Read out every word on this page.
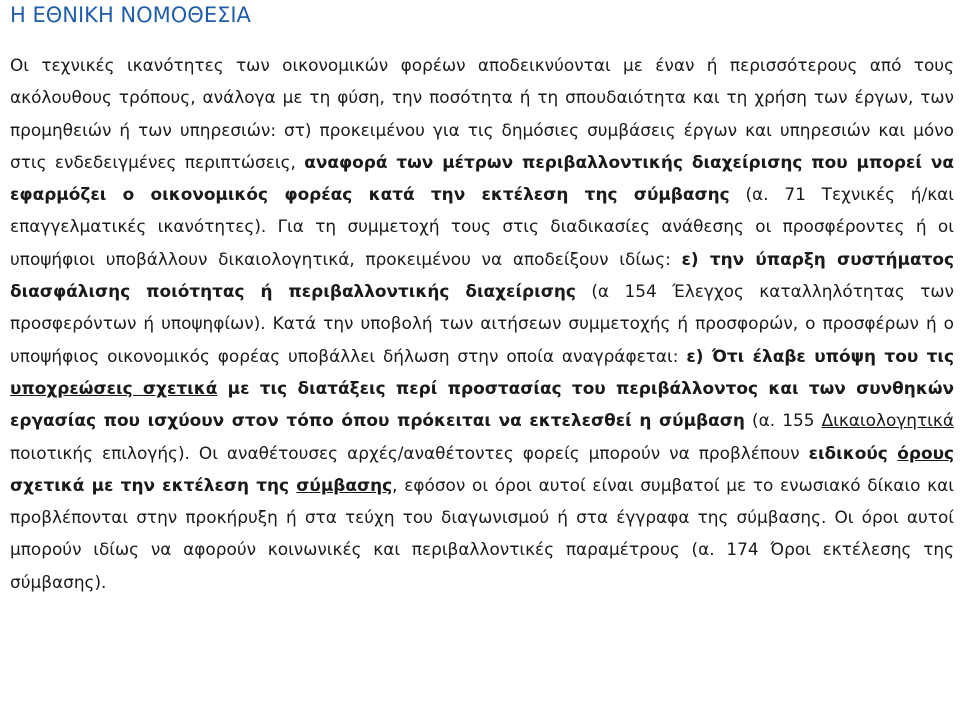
Η ΕΘΝΙΚΗ ΝΟΜΟΘΕΣΙΑ

Οι τεχνικές ικανότητες των οικονομικών φορέων αποδεικνύονται με έναν ή περισσότερους από τους ακόλουθους τρόπους, ανάλογα με τη φύση, την ποσότητα ή τη σπουδαιότητα και τη χρήση των έργων, των προμηθειών ή των υπηρεσιών: στ) προκειμένου για τις δημόσιες συμβάσεις έργων και υπηρεσιών και μόνο στις ενδεδειγμένες περιπτώσεις, αναφορά των μέτρων περιβαλλοντικής διαχείρισης που μπορεί να εφαρμόζει ο οικονομικός φορέας κατά την εκτέλεση της σύμβασης (α. 71 Τεχνικές ή/και επαγγελματικές ικανότητες). Για τη συμμετοχή τους στις διαδικασίες ανάθεσης οι προσφέροντες ή οι υποψήφιοι υποβάλλουν δικαιολογητικά, προκειμένου να αποδείξουν ιδίως: ε) την ύπαρξη συστήματος διασφάλισης ποιότητας ή περιβαλλοντικής διαχείρισης (α 154 Έλεγχος καταλληλότητας των προσφερόντων ή υποψηφίων). Κατά την υποβολή των αιτήσεων συμμετοχής ή προσφορών, ο προσφέρων ή ο υποψήφιος οικονομικός φορέας υποβάλλει δήλωση στην οποία αναγράφεται: ε) Ότι έλαβε υπόψη του τις υποχρεώσεις σχετικά με τις διατάξεις περί προστασίας του περιβάλλοντος και των συνθηκών εργασίας που ισχύουν στον τόπο όπου πρόκειται να εκτελεσθεί η σύμβαση (α. 155 Δικαιολογητικά ποιοτικής επιλογής). Οι αναθέτουσες αρχές/αναθέτοντες φορείς μπορούν να προβλέπουν ειδικούς όρους σχετικά με την εκτέλεση της σύμβασης, εφόσον οι όροι αυτοί είναι συμβατοί με το ενωσιακό δίκαιο και προβλέπονται στην προκήρυξη ή στα τεύχη του διαγωνισμού ή στα έγγραφα της σύμβασης. Οι όροι αυτοί μπορούν ιδίως να αφορούν κοινωνικές και περιβαλλοντικές παραμέτρους (α. 174 Όροι εκτέλεσης της σύμβασης).
